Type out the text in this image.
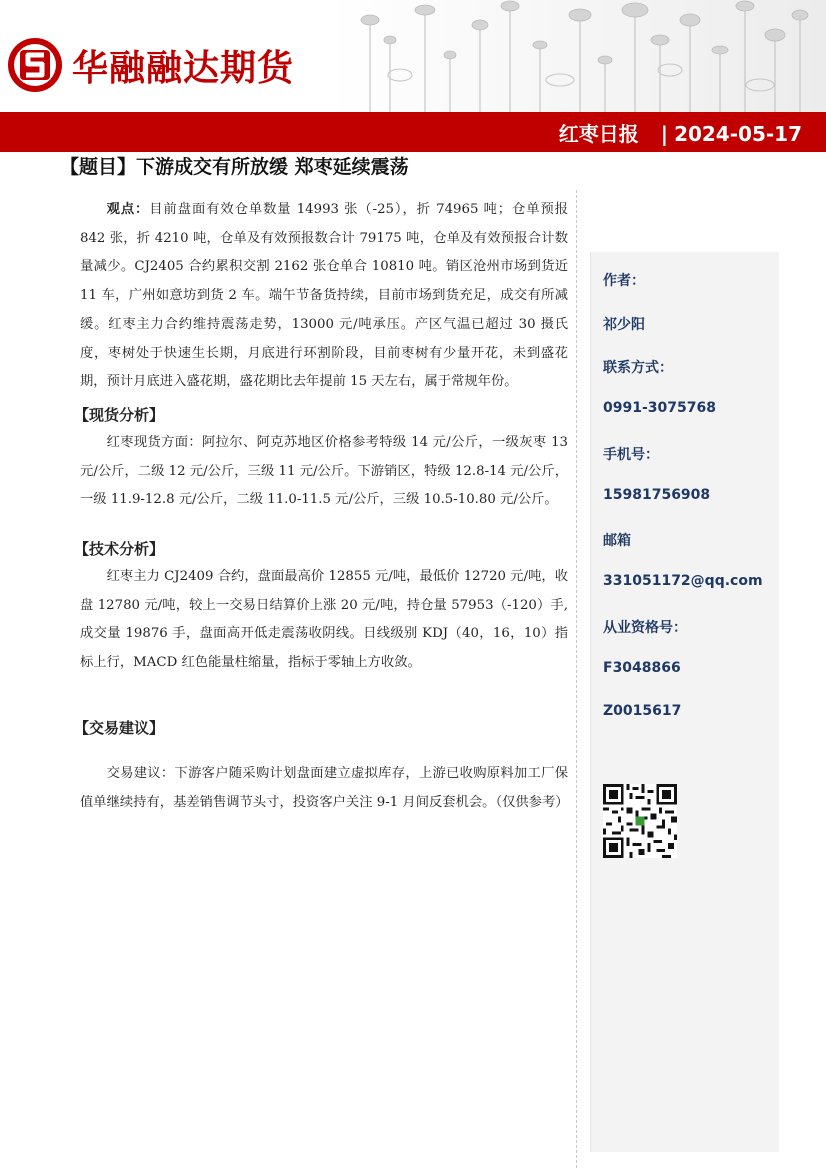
华融融达期货
红枣日报 | 2024-05-17
【题目】下游成交有所放缓 郑枣延续震荡

观点：目前盘面有效仓单数量 14993 张（-25），折 74965 吨；仓单预报 842 张，折 4210 吨，仓单及有效预报数合计 79175 吨，仓单及有效预报合计数量减少。CJ2405 合约累积交割 2162 张仓单合 10810 吨。销区沧州市场到货近 11 车，广州如意坊到货 2 车。端午节备货持续，目前市场到货充足，成交有所减缓。红枣主力合约维持震荡走势，13000 元/吨承压。产区气温已超过 30 摄氏度，枣树处于快速生长期，月底进行环割阶段，目前枣树有少量开花，未到盛花期，预计月底进入盛花期，盛花期比去年提前 15 天左右，属于常规年份。

【现货分析】

红枣现货方面：阿拉尔、阿克苏地区价格参考特级 14 元/公斤，一级灰枣 13 元/公斤，二级 12 元/公斤，三级 11 元/公斤。下游销区，特级 12.8-14 元/公斤，一级 11.9-12.8 元/公斤，二级 11.0-11.5 元/公斤，三级 10.5-10.80 元/公斤。

【技术分析】

红枣主力 CJ2409 合约，盘面最高价 12855 元/吨，最低价 12720 元/吨，收盘 12780 元/吨，较上一交易日结算价上涨 20 元/吨，持仓量 57953（-120）手,成交量 19876 手，盘面高开低走震荡收阴线。日线级别 KDJ（40，16，10）指标上行，MACD 红色能量柱缩量，指标于零轴上方收敛。

【交易建议】

交易建议：下游客户随采购计划盘面建立虚拟库存，上游已收购原料加工厂保值单继续持有，基差销售调节头寸，投资客户关注 9-1 月间反套机会。（仅供参考）

作者：
祁少阳
联系方式：
0991-3075768
手机号：
15981756908
邮箱
331051172@qq.com
从业资格号：
F3048866
Z0015617
